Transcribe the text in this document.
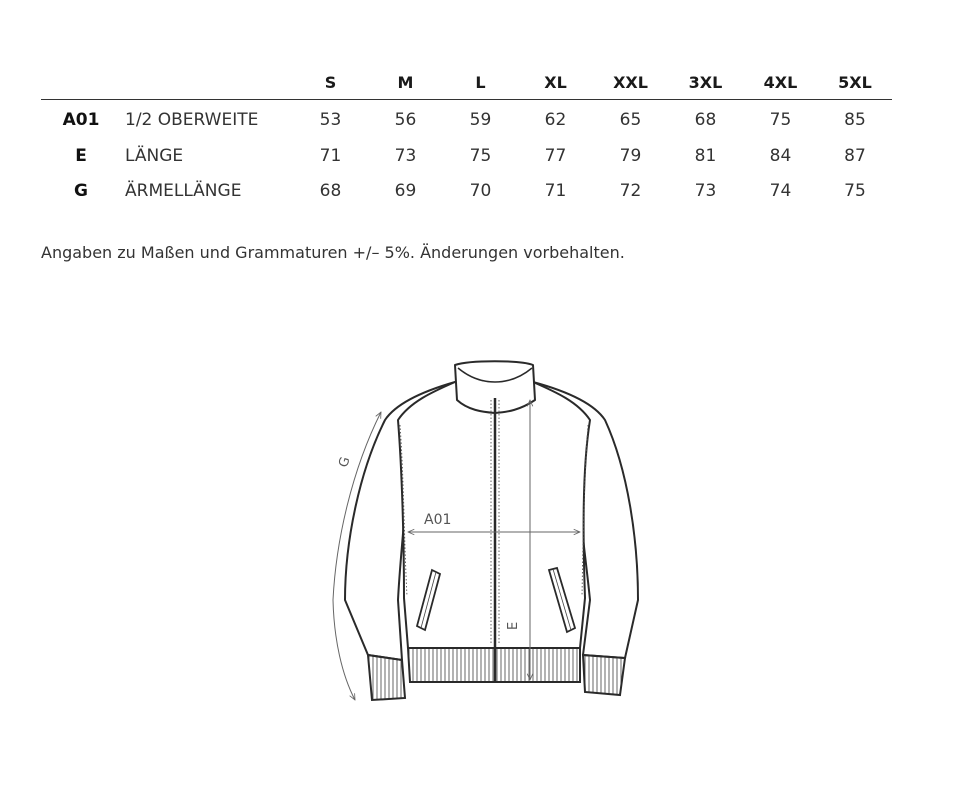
		S	M	L	XL	XXL	3XL	4XL	5XL
A01	1/2 OBERWEITE	53	56	59	62	65	68	75	85
E	LÄNGE	71	73	75	77	79	81	84	87
G	ÄRMELLÄNGE	68	69	70	71	72	73	74	75
Angaben zu Maßen und Grammaturen +/– 5%. Änderungen vorbehalten.
A01
E
G
